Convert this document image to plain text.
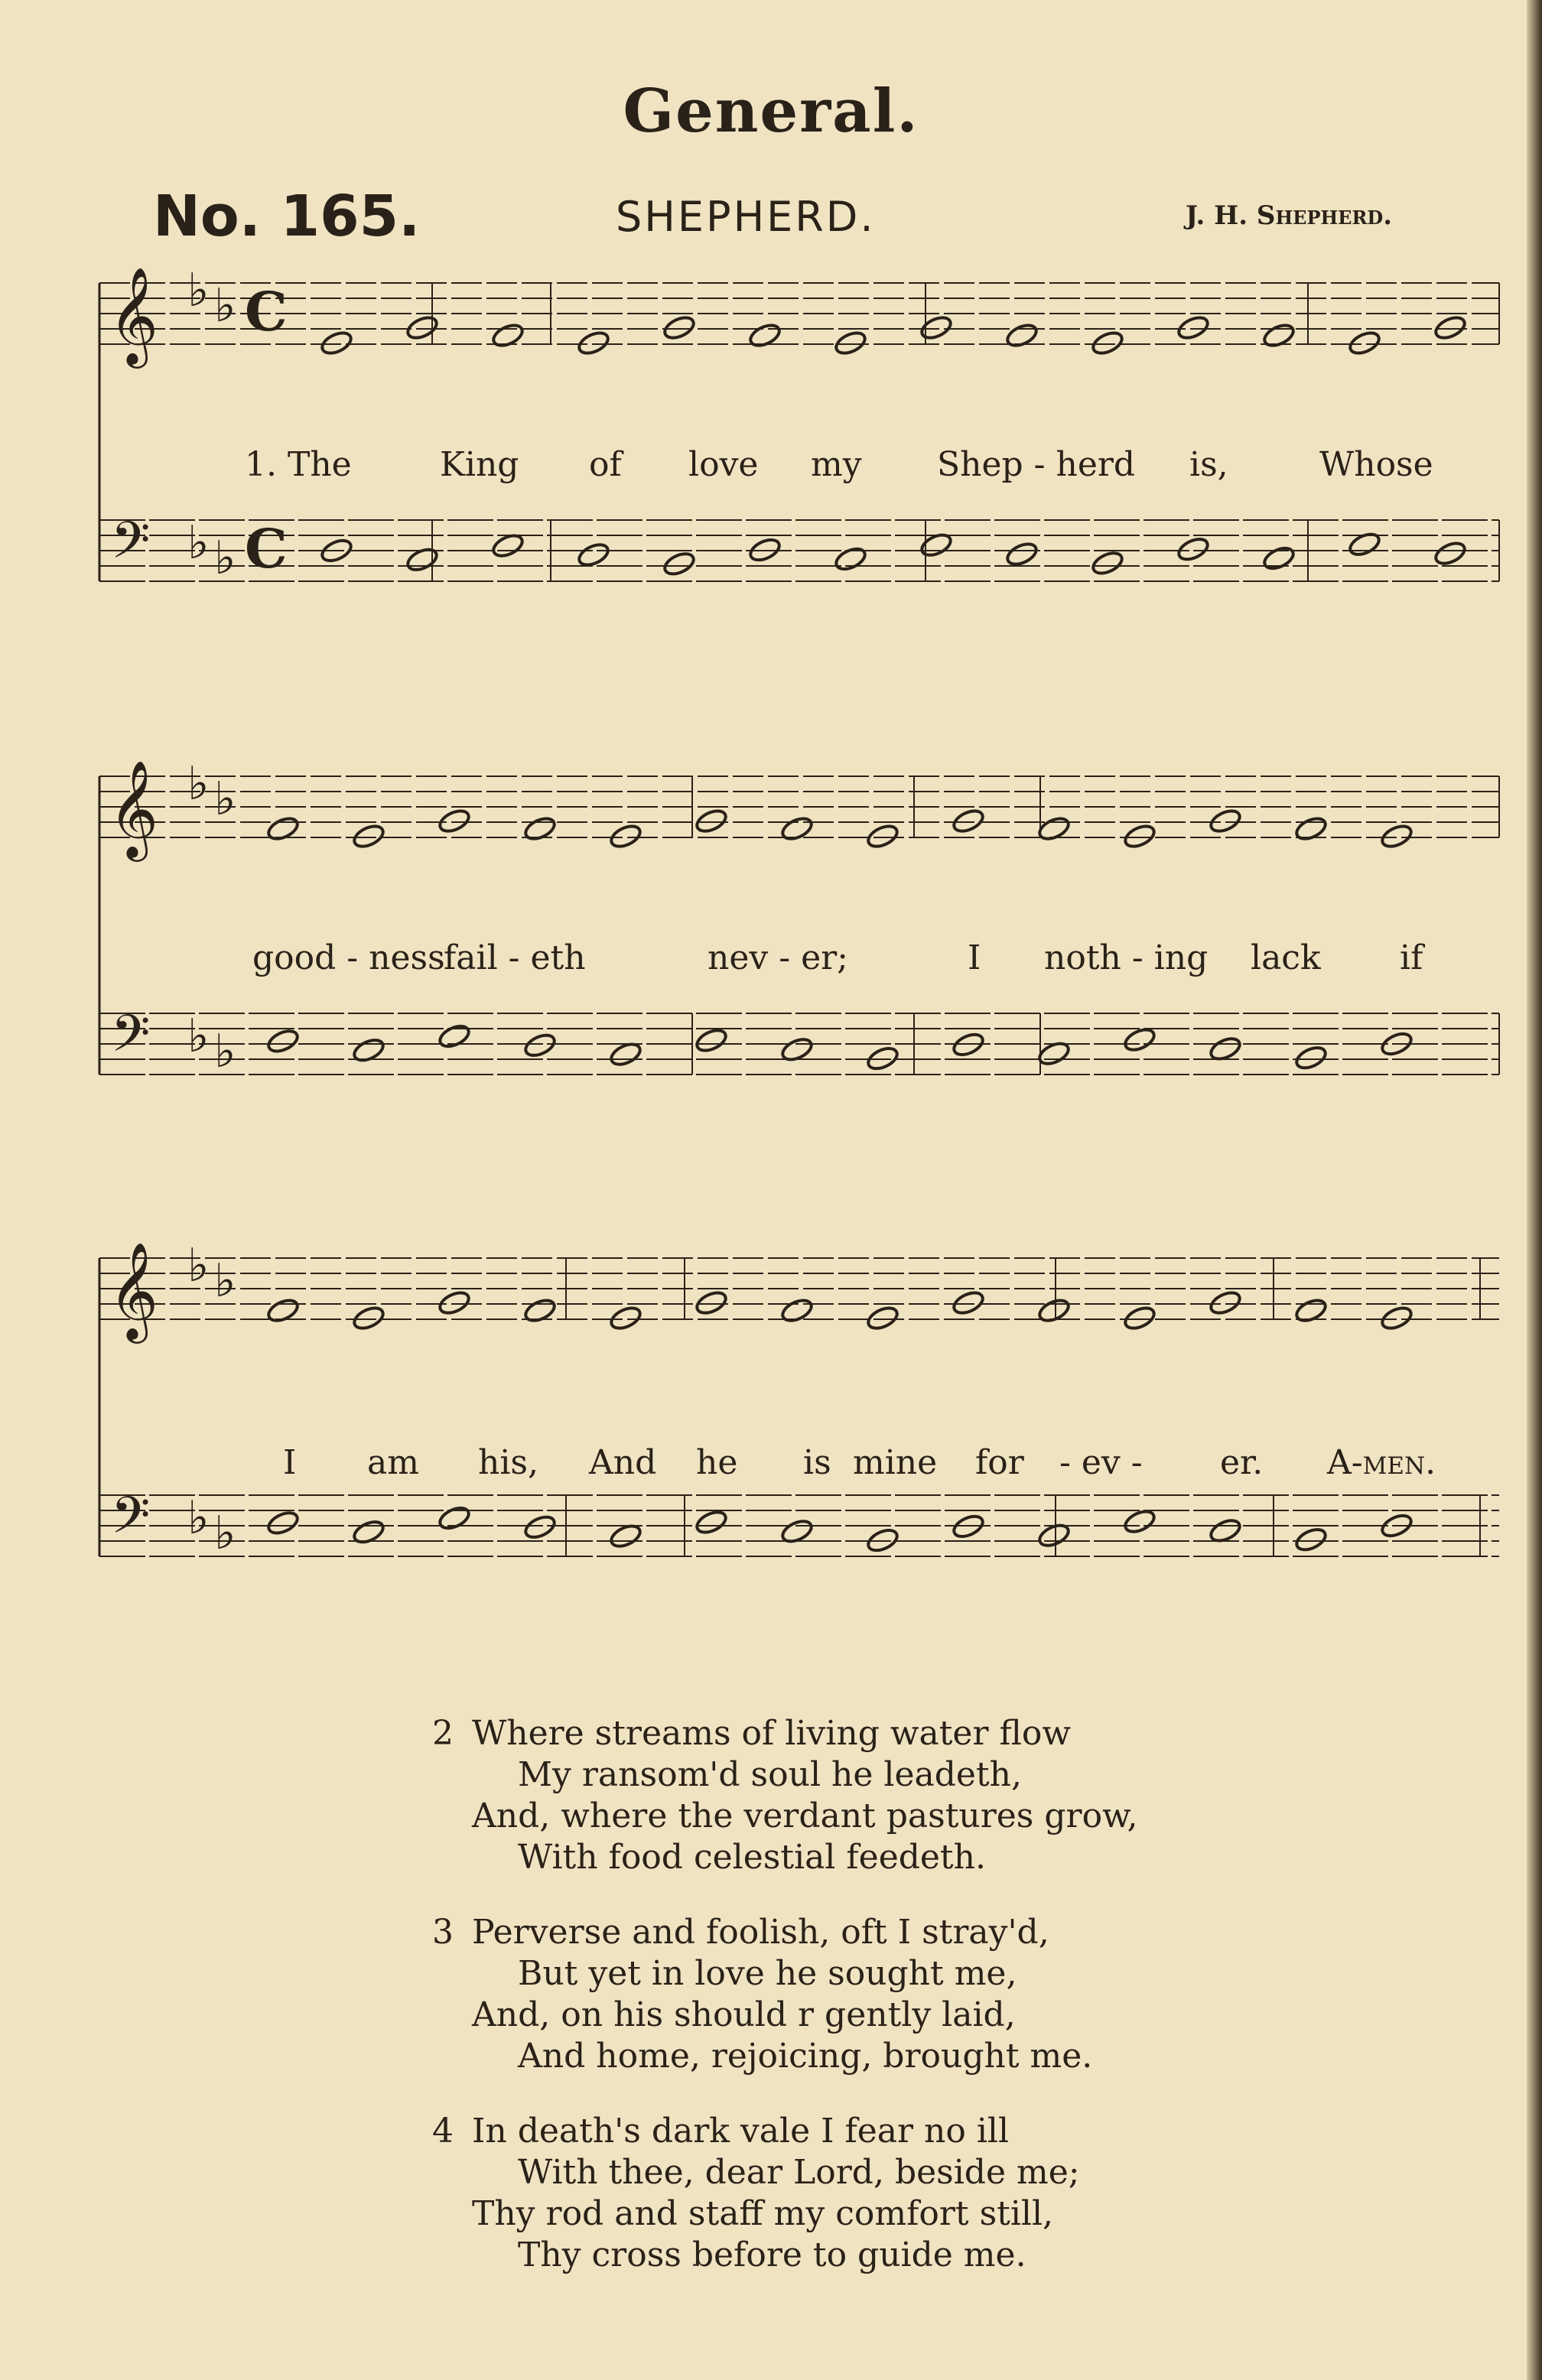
General.
No. 165.	SHEPHERD.	J. H. Shepherd.
𝄞
𝄢
♭ ♭
♭ ♭
C
C
1. The	King of love my Shep - herd is,	Whose
𝄞
𝄢
♭ ♭
♭ ♭
good - ness
fail - eth	nev - er;	I noth - ing lack if
𝄞
𝄢
♭ ♭
♭ ♭
I am his, And he is mine for - ev - er. A-men.
2 Where streams of living water flow
My ransom'd soul he leadeth,
And, where the verdant pastures grow,
With food celestial feedeth.
3 Perverse and foolish, oft I stray'd,
But yet in love he sought me,
And, on his should r gently laid,
And home, rejoicing, brought me.
4 In death's dark vale I fear no ill
With thee, dear Lord, beside me;
Thy rod and staff my comfort still,
Thy cross before to guide me.
